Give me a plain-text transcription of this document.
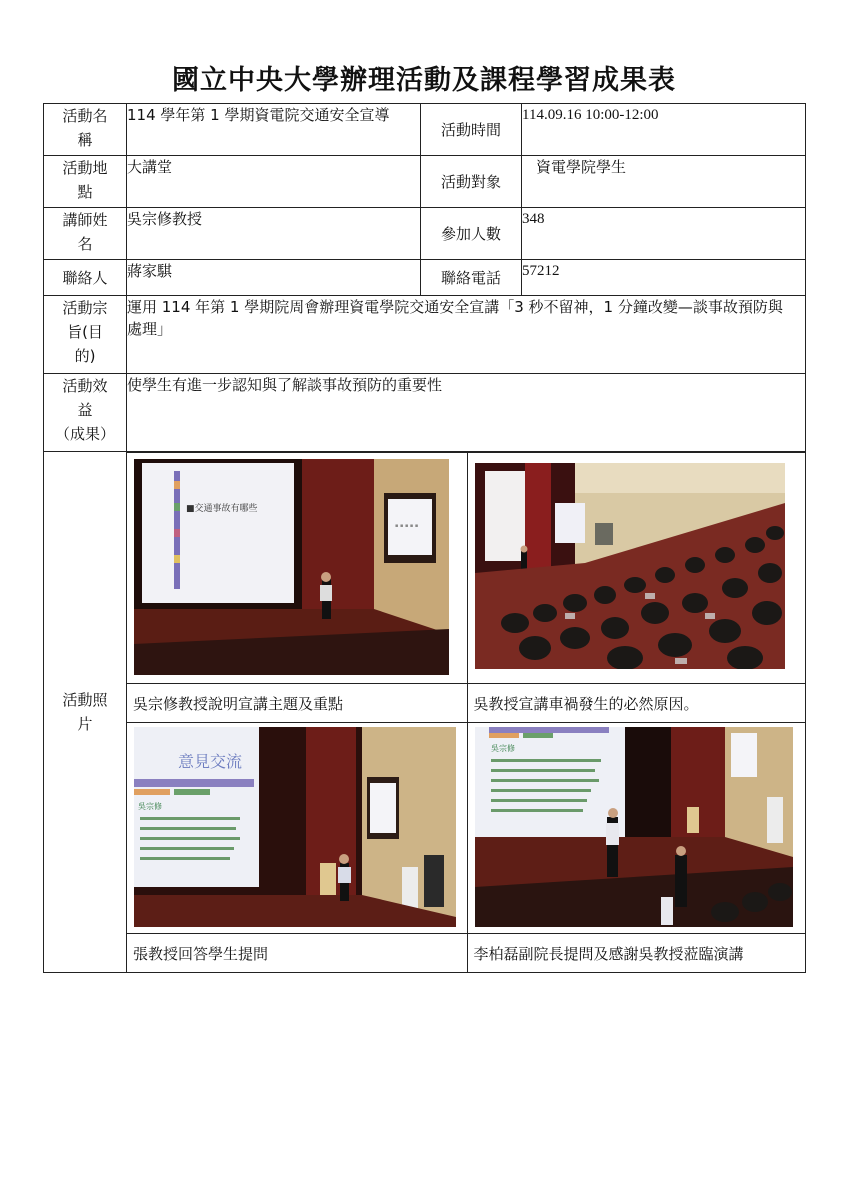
國立中央大學辦理活動及課程學習成果表
活動名
稱	114 學年第 1 學期資電院交通安全宣導	活動時間	114.09.16 10:00-12:00

活動地
點	大講堂	活動對象	資電學院學生

講師姓
名	吳宗修教授	參加人數	348
聯絡人	蔣家騏	聯絡電話	57212

活動宗
旨(目
的)	運用 114 年第 1 學期院周會辦理資電學院交通安全宣講「3 秒不留神，1 分鐘改變—談事故預防與處理」

活動效
益
（成果）	使學生有進一步認知與了解談事故預防的重要性

活動照
片	
▪ ▪ ▪ ▪ ▪
■交通事故有哪些

吳宗修教授說明宣講主題及重點	吳教授宣講車禍發生的必然原因。

意見交流
吳宗修

吳宗修

張教授回答學生提問	李柏磊副院長提問及感謝吳教授蒞臨演講
